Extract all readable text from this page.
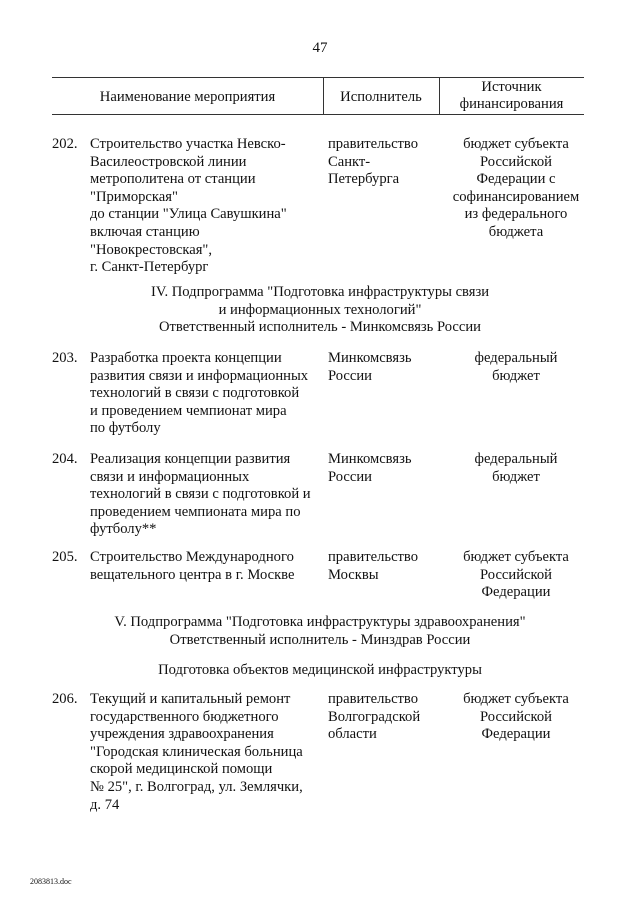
47
Наименование мероприятия	Исполнитель
Источник
финансирования
202. Строительство участка Невско-
Василеостровской линии
метрополитена от станции
"Приморская"
до станции "Улица Савушкина"
включая станцию
"Новокрестовская",
г. Санкт-Петербург
правительство
Санкт-
Петербурга
бюджет субъекта
Российской
Федерации с
софинансированием
из федерального
бюджета
IV. Подпрограмма "Подготовка инфраструктуры связи
и информационных технологий"
Ответственный исполнитель - Минкомсвязь России
203. Разработка проекта концепции
развития связи и информационных
технологий в связи с подготовкой
и проведением чемпионат мира
по футболу
Минкомсвязь
России
федеральный
бюджет
204. Реализация концепции развития
связи и информационных
технологий в связи с подготовкой и
проведением чемпионата мира по
футболу**
Минкомсвязь
России
федеральный
бюджет
205. Строительство Международного
вещательного центра в г. Москве
правительство
Москвы
бюджет субъекта
Российской
Федерации
V. Подпрограмма "Подготовка инфраструктуры здравоохранения"
Ответственный исполнитель - Минздрав России
Подготовка объектов медицинской инфраструктуры
206. Текущий и капитальный ремонт
государственного бюджетного
учреждения здравоохранения
"Городская клиническая больница
скорой медицинской помощи
№ 25", г. Волгоград, ул. Землячки,
д. 74
правительство
Волгоградской
области
бюджет субъекта
Российской
Федерации
2083813.doc
